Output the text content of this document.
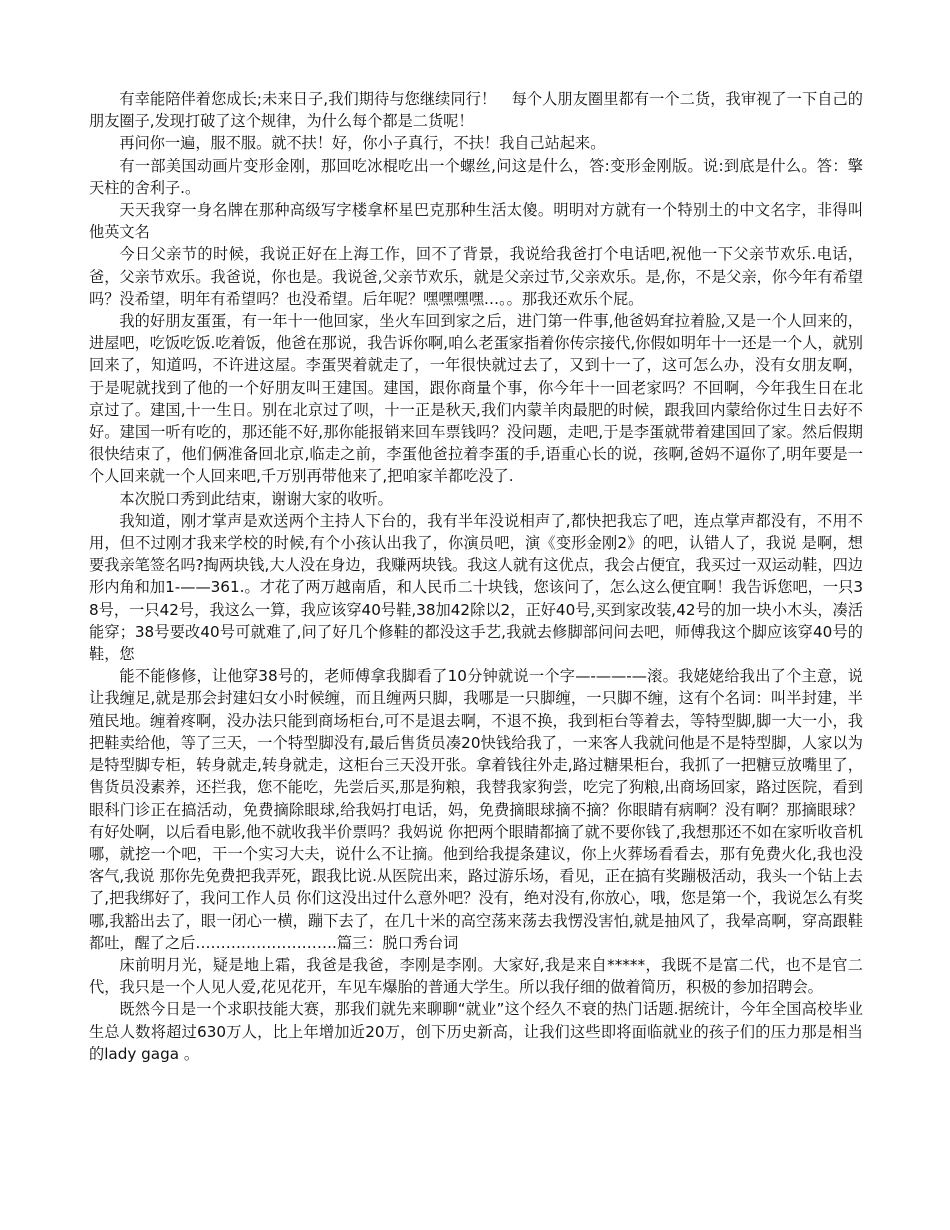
有幸能陪伴着您成长;未来日子,我们期待与您继续同行！　每个人朋友圈里都有一个二货，我审视了一下自己的朋友圈子,发现打破了这个规律，为什么每个都是二货呢！

再问你一遍，服不服。就不扶！好，你小子真行，不扶！我自己站起来。

有一部美国动画片变形金刚，那回吃冰棍吃出一个螺丝,问这是什么，答:变形金刚版。说:到底是什么。答：擎天柱的舍利子.。

天天我穿一身名牌在那种高级写字楼拿杯星巴克那种生活太傻。明明对方就有一个特别土的中文名字，非得叫他英文名

今日父亲节的时候，我说正好在上海工作，回不了背景，我说给我爸打个电话吧,祝他一下父亲节欢乐.电话，爸，父亲节欢乐。我爸说，你也是。我说爸,父亲节欢乐，就是父亲过节,父亲欢乐。是,你，不是父亲，你今年有希望吗？没希望，明年有希望吗？也没希望。后年呢？嘿嘿嘿嘿…。。那我还欢乐个屁。

我的好朋友蛋蛋，有一年十一他回家，坐火车回到家之后，进门第一件事,他爸妈耷拉着脸,又是一个人回来的，进屋吧，吃饭吃饭.吃着饭，他爸在那说，我告诉你啊,咱么老蛋家指着你传宗接代,你假如明年十一还是一个人，就别回来了，知道吗，不许进这屋。李蛋哭着就走了，一年很快就过去了，又到十一了，这可怎么办，没有女朋友啊，于是呢就找到了他的一个好朋友叫王建国。建国，跟你商量个事，你今年十一回老家吗？不回啊，今年我生日在北京过了。建国,十一生日。别在北京过了呗，十一正是秋天,我们内蒙羊肉最肥的时候，跟我回内蒙给你过生日去好不好。建国一听有吃的，那还能不好,那你能报销来回车票钱吗？没问题，走吧,于是李蛋就带着建国回了家。然后假期很快结束了，他们俩准备回北京,临走之前，李蛋他爸拉着李蛋的手,语重心长的说，孩啊,爸妈不逼你了,明年要是一个人回来就一个人回来吧,千万别再带他来了,把咱家羊都吃没了.

本次脱口秀到此结束，谢谢大家的收听。

我知道，刚才掌声是欢送两个主持人下台的，我有半年没说相声了,都快把我忘了吧，连点掌声都没有，不用不用，但不过刚才我来学校的时候,有个小孩认出我了，你演员吧，演《变形金刚2》的吧，认错人了，我说 是啊，想要我亲笔签名吗?掏两块钱,大人没在身边，我赚两块钱。我这人就有这优点，我会占便宜，我买过一双运动鞋，四边形内角和加1-——361.。才花了两万越南盾，和人民币二十块钱，您该问了，怎么这么便宜啊！我告诉您吧，一只38号，一只42号，我这么一算，我应该穿40号鞋,38加42除以2，正好40号,买到家改装,42号的加一块小木头，凑活能穿；38号要改40号可就难了,问了好几个修鞋的都没这手艺,我就去修脚部问问去吧，师傅我这个脚应该穿40号的鞋，您

能不能修修，让他穿38号的，老师傅拿我脚看了10分钟就说一个字—-——-—滚。我姥姥给我出了个主意，说让我缠足,就是那会封建妇女小时候缠，而且缠两只脚，我哪是一只脚缠，一只脚不缠，这有个名词：叫半封建，半殖民地。缠着疼啊，没办法只能到商场柜台,可不是退去啊，不退不换，我到柜台等着去，等特型脚,脚一大一小，我把鞋卖给他，等了三天，一个特型脚没有,最后售货员凑20快钱给我了，一来客人我就问他是不是特型脚，人家以为是特型脚专柜，转身就走,转身就走，这柜台三天没开张。拿着钱往外走,路过糖果柜台，我抓了一把糖豆放嘴里了，售货员没素养，还拦我，您不能吃，先尝后买,那是狗粮，我替我家狗尝，吃完了狗粮,出商场回家，路过医院，看到眼科门诊正在搞活动，免费摘除眼球,给我妈打电话，妈，免费摘眼球摘不摘？你眼睛有病啊？没有啊？那摘眼球？有好处啊，以后看电影,他不就收我半价票吗？我妈说 你把两个眼睛都摘了就不要你钱了,我想那还不如在家听收音机哪，就挖一个吧，干一个实习大夫，说什么不让摘。他到给我提条建议，你上火葬场看看去，那有免费火化,我也没客气,我说 那你先免费把我弄死，跟我比说.从医院出来，路过游乐场，看见，正在搞有奖蹦极活动，我头一个钻上去了,把我绑好了，我问工作人员 你们这没出过什么意外吧？没有，绝对没有,你放心，哦，您是第一个，我说怎么有奖哪,我豁出去了，眼一闭心一横，蹦下去了，在几十米的高空荡来荡去我愣没害怕,就是抽风了，我晕高啊，穿高跟鞋都吐，醒了之后……………………….篇三：脱口秀台词

床前明月光，疑是地上霜，我爸是我爸，李刚是李刚。大家好,我是来自*****，我既不是富二代，也不是官二代，我只是一个人见人爱,花见花开，车见车爆胎的普通大学生。所以我仔细的做着简历，积极的参加招聘会。

既然今日是一个求职技能大赛，那我们就先来聊聊“就业”这个经久不衰的热门话题.据统计，今年全国高校毕业生总人数将超过630万人，比上年增加近20万，创下历史新高，让我们这些即将面临就业的孩子们的压力那是相当的lady gaga 。
